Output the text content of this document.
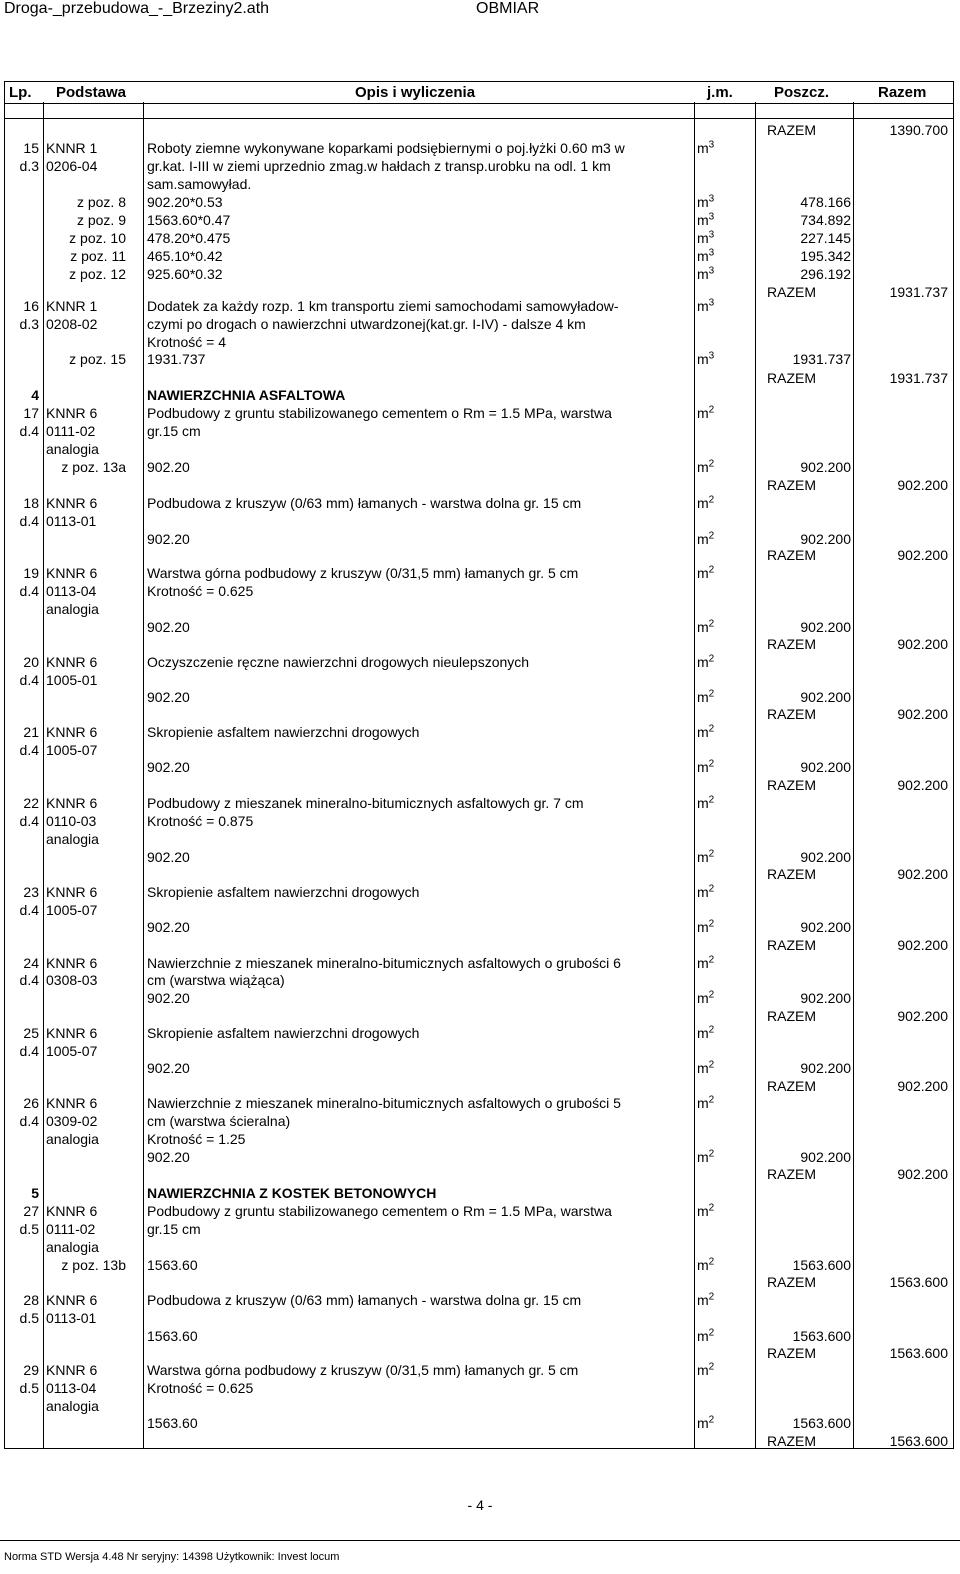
Droga-_przebudowa_-_Brzeziny2.ath	OBMIAR
Lp. Podstawa	Opis i wyliczenia	j.m.	Poszcz.	Razem
RAZEM	1390.700
15 KNNR 1	Roboty ziemne wykonywane koparkami podsiębiernymi o poj.łyżki 0.60 m3 w	$m^3$
d.3 0206-04	gr.kat. I-III w ziemi uprzednio zmag.w hałdach z transp.urobku na odl. 1 km
sam.samowyład.
z poz. 8 902.20*0.53	$m^3$	478.166
z poz. 9 1563.60*0.47	$m^3$	734.892
z poz. 10 478.20*0.475	$m^3$	227.145
z poz. 11 465.10*0.42	$m^3$	195.342
z poz. 12 925.60*0.32	$m^3$	296.192
RAZEM	1931.737
16 KNNR 1	Dodatek za każdy rozp. 1 km transportu ziemi samochodami samowyładow-	$m^3$
d.3 0208-02	czymi po drogach o nawierzchni utwardzonej(kat.gr. I-IV) - dalsze 4 km
Krotność = 4
z poz. 15 1931.737	$m^3$	1931.737
RAZEM	1931.737
4	NAWIERZCHNIA ASFALTOWA
17 KNNR 6	Podbudowy z gruntu stabilizowanego cementem o Rm = 1.5 MPa, warstwa	$m^2$
d.4 0111-02	gr.15 cm
analogia
z poz. 13a 902.20	$m^2$	902.200
RAZEM	902.200
18 KNNR 6	Podbudowa z kruszyw (0/63 mm) łamanych - warstwa dolna gr. 15 cm	$m^2$
d.4 0113-01
902.20	$m^2$	902.200
RAZEM	902.200
19 KNNR 6	Warstwa górna podbudowy z kruszyw (0/31,5 mm) łamanych gr. 5 cm	$m^2$
d.4 0113-04	Krotność = 0.625
analogia
902.20	$m^2$	902.200
RAZEM	902.200
20 KNNR 6	Oczyszczenie ręczne nawierzchni drogowych nieulepszonych	$m^2$
d.4 1005-01
902.20	$m^2$	902.200
RAZEM	902.200
21 KNNR 6	Skropienie asfaltem nawierzchni drogowych	$m^2$
d.4 1005-07
902.20	$m^2$	902.200
RAZEM	902.200
22 KNNR 6	Podbudowy z mieszanek mineralno-bitumicznych asfaltowych gr. 7 cm	$m^2$
d.4 0110-03	Krotność = 0.875
analogia
902.20	$m^2$	902.200
RAZEM	902.200
23 KNNR 6	Skropienie asfaltem nawierzchni drogowych	$m^2$
d.4 1005-07
902.20	$m^2$	902.200
RAZEM	902.200
24 KNNR 6	Nawierzchnie z mieszanek mineralno-bitumicznych asfaltowych o grubości 6	$m^2$
d.4 0308-03	cm (warstwa wiążąca)
902.20	$m^2$	902.200
RAZEM	902.200
25 KNNR 6	Skropienie asfaltem nawierzchni drogowych	$m^2$
d.4 1005-07
902.20	$m^2$	902.200
RAZEM	902.200
26 KNNR 6	Nawierzchnie z mieszanek mineralno-bitumicznych asfaltowych o grubości 5	$m^2$
d.4 0309-02	cm (warstwa ścieralna)
analogia	Krotność = 1.25
902.20	$m^2$	902.200
RAZEM	902.200
5	NAWIERZCHNIA Z KOSTEK BETONOWYCH
27 KNNR 6	Podbudowy z gruntu stabilizowanego cementem o Rm = 1.5 MPa, warstwa	$m^2$
d.5 0111-02	gr.15 cm
analogia
z poz. 13b 1563.60	$m^2$	1563.600
RAZEM	1563.600
28 KNNR 6	Podbudowa z kruszyw (0/63 mm) łamanych - warstwa dolna gr. 15 cm	$m^2$
d.5 0113-01
1563.60	$m^2$	1563.600
RAZEM	1563.600
29 KNNR 6	Warstwa górna podbudowy z kruszyw (0/31,5 mm) łamanych gr. 5 cm	$m^2$
d.5 0113-04	Krotność = 0.625
analogia
1563.60	$m^2$	1563.600
RAZEM	1563.600
- 4 -
Norma STD Wersja 4.48 Nr seryjny: 14398 Użytkownik: Invest locum
